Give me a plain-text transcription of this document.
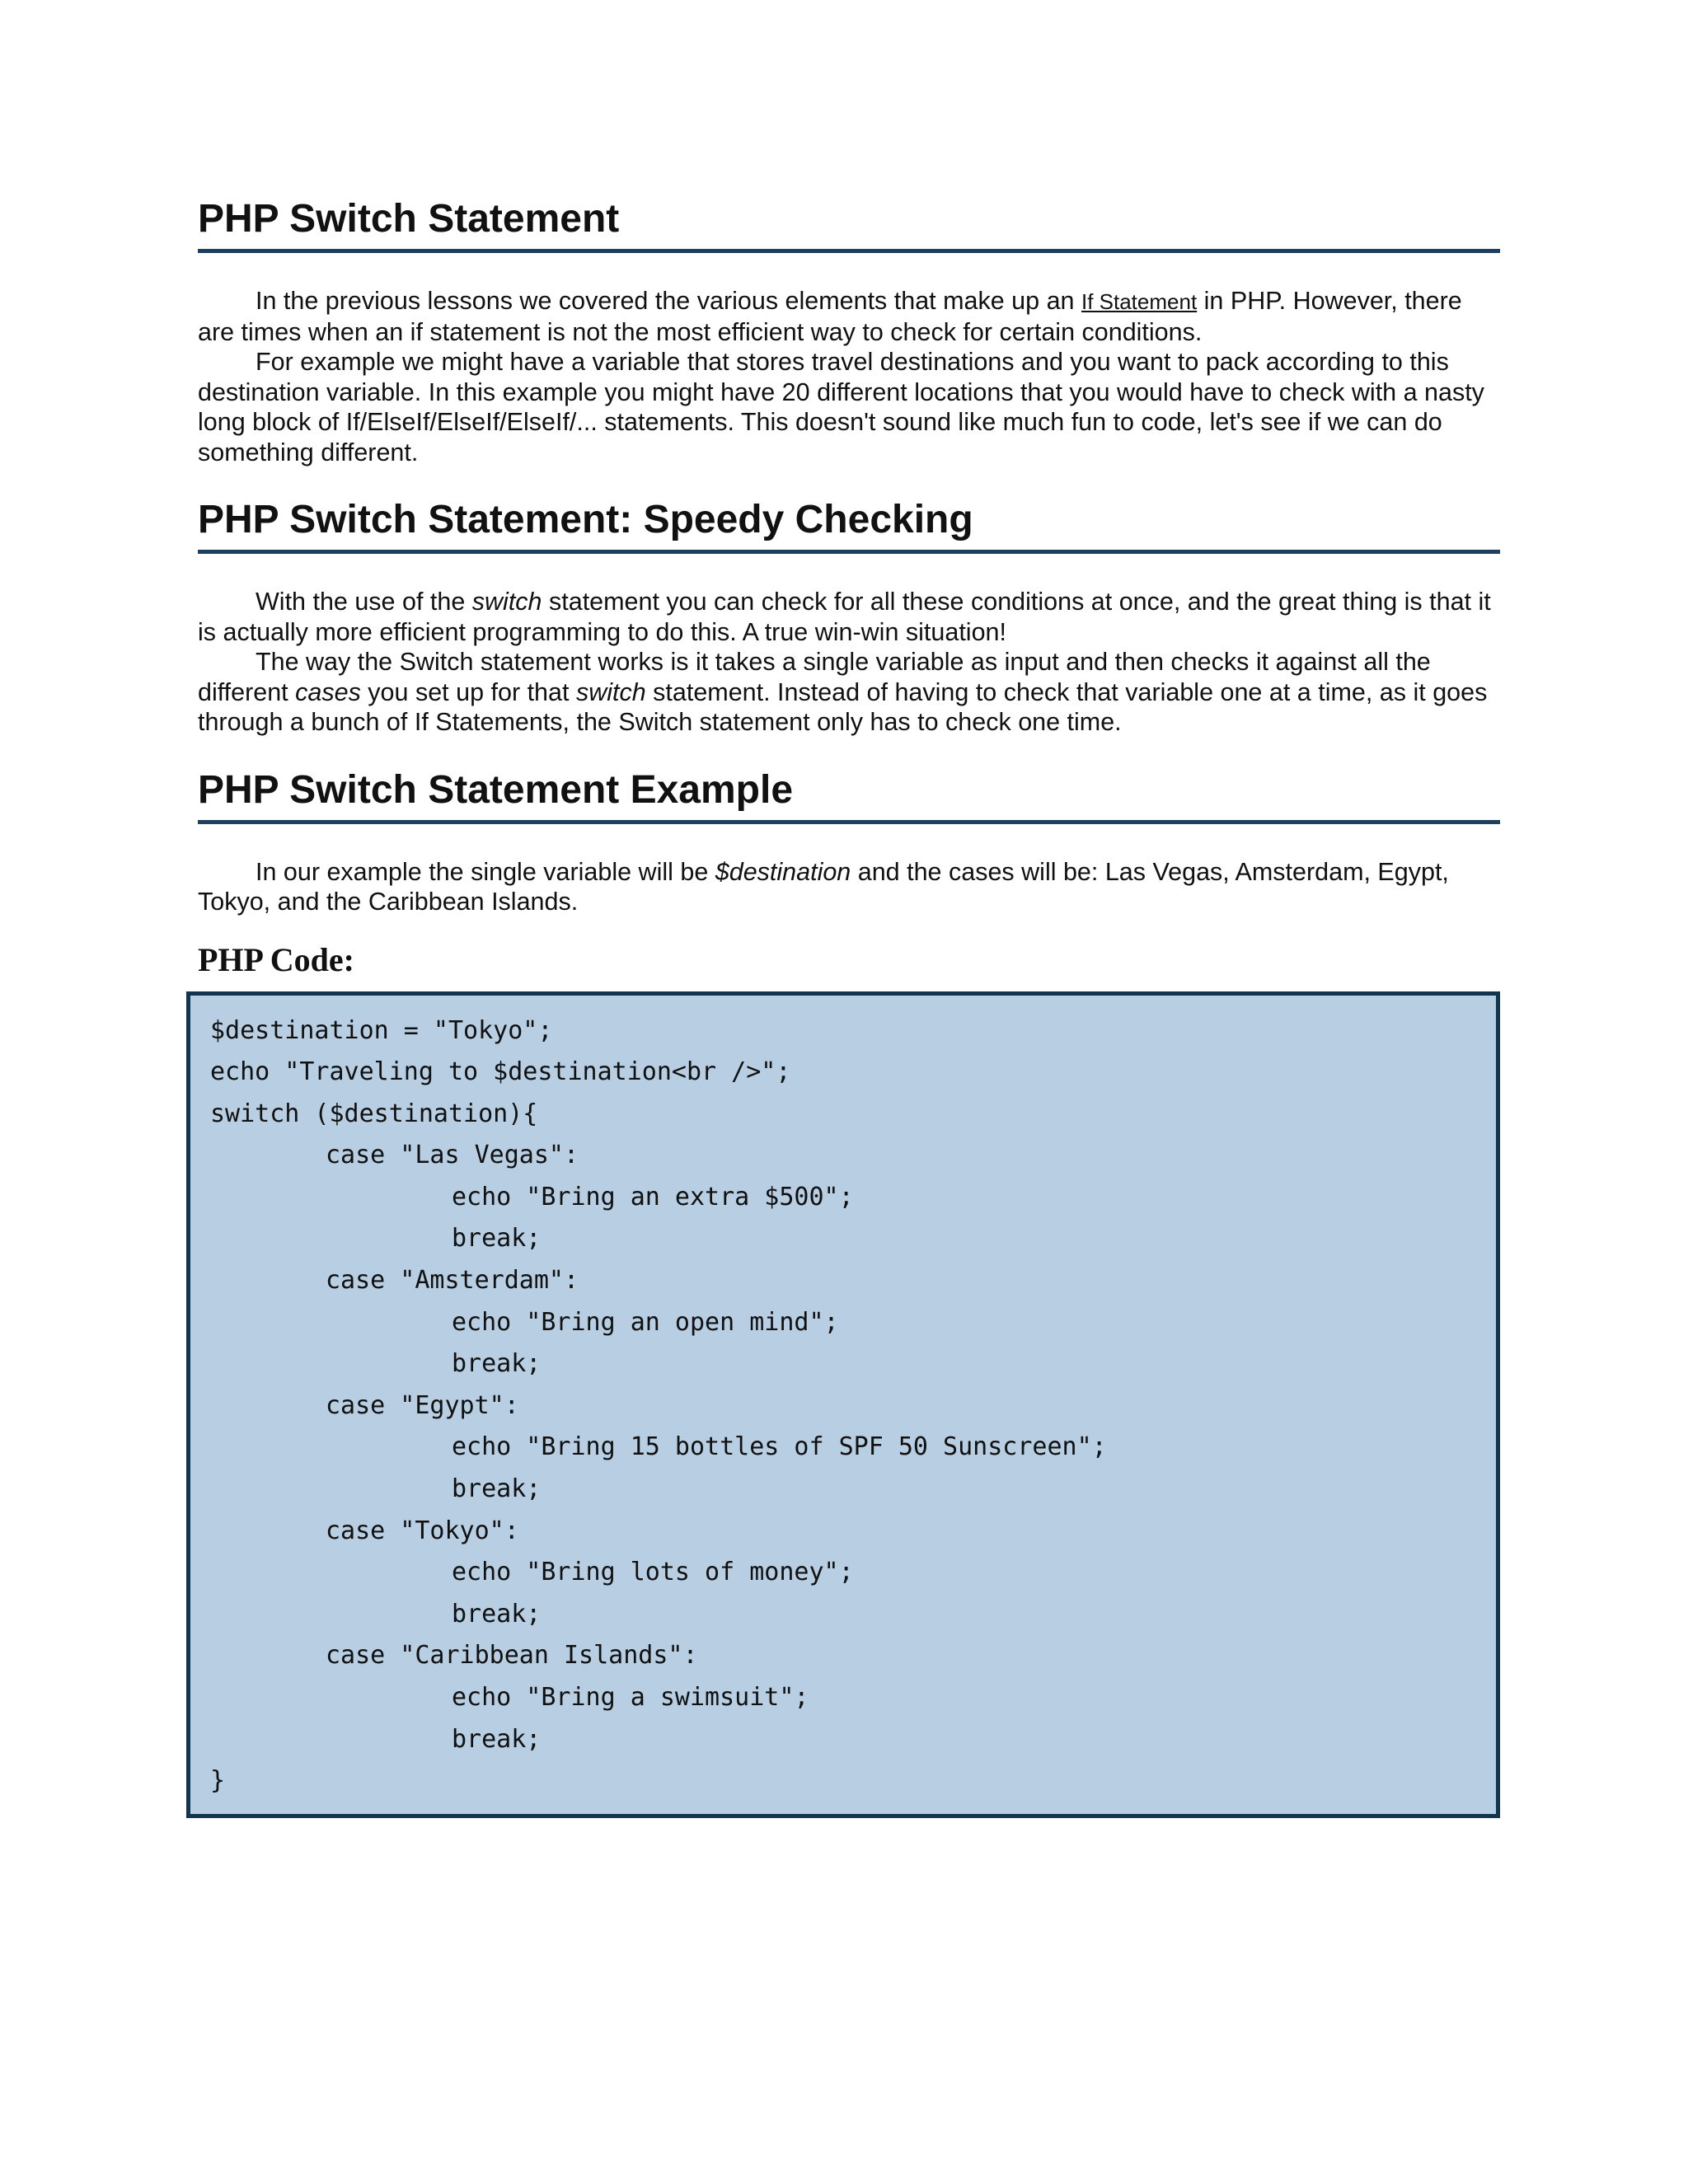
PHP Switch Statement

In the previous lessons we covered the various elements that make up an If Statement in PHP. However, there are times when an if statement is not the most efficient way to check for certain conditions.

For example we might have a variable that stores travel destinations and you want to pack according to this destination variable. In this example you might have 20 different locations that you would have to check with a nasty long block of If/ElseIf/ElseIf/ElseIf/... statements. This doesn't sound like much fun to code, let's see if we can do something different.

PHP Switch Statement: Speedy Checking

With the use of the switch statement you can check for all these conditions at once, and the great thing is that it is actually more efficient programming to do this. A true win-win situation!

The way the Switch statement works is it takes a single variable as input and then checks it against all the different cases you set up for that switch statement. Instead of having to check that variable one at a time, as it goes through a bunch of If Statements, the Switch statement only has to check one time.

PHP Switch Statement Example

In our example the single variable will be $destination and the cases will be: Las Vegas, Amsterdam, Egypt, Tokyo, and the Caribbean Islands.

PHP Code:
$destination = "Tokyo";
echo "Traveling to $destination<br />";
switch ($destination){
case "Las Vegas":
echo "Bring an extra $500";
break;
case "Amsterdam":
echo "Bring an open mind";
break;
case "Egypt":
echo "Bring 15 bottles of SPF 50 Sunscreen";
break;
case "Tokyo":
echo "Bring lots of money";
break;
case "Caribbean Islands":
echo "Bring a swimsuit";
break;
}
